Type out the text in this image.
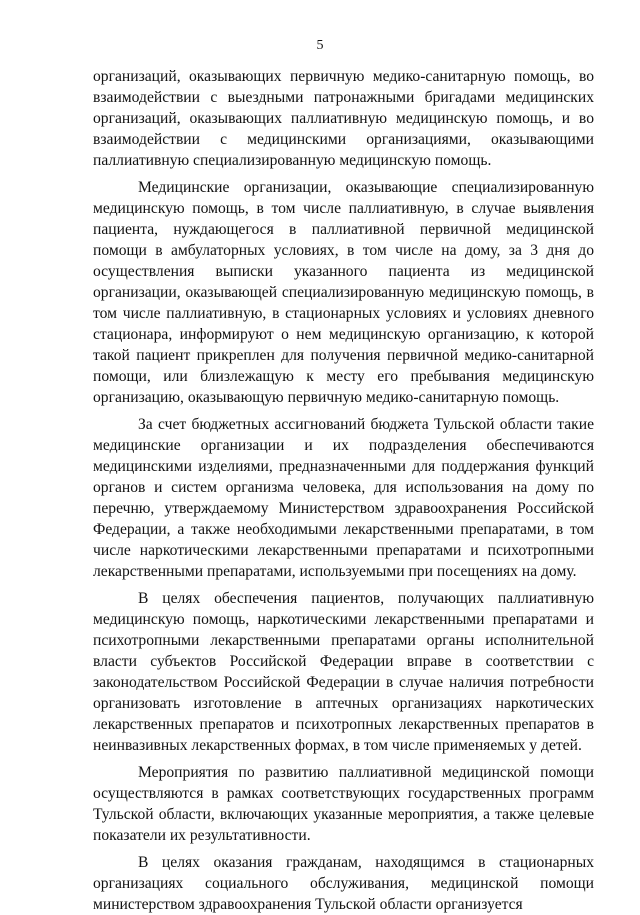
5

организаций, оказывающих первичную медико-санитарную помощь, во взаимодействии с выездными патронажными бригадами медицинских организаций, оказывающих паллиативную медицинскую помощь, и во взаимодействии с медицинскими организациями, оказывающими паллиативную специализированную медицинскую помощь.

Медицинские организации, оказывающие специализированную медицинскую помощь, в том числе паллиативную, в случае выявления пациента, нуждающегося в паллиативной первичной медицинской помощи в амбулаторных условиях, в том числе на дому, за 3 дня до осуществления выписки указанного пациента из медицинской организации, оказывающей специализированную медицинскую помощь, в том числе паллиативную, в стационарных условиях и условиях дневного стационара, информируют о нем медицинскую организацию, к которой такой пациент прикреплен для получения первичной медико-санитарной помощи, или близлежащую к месту его пребывания медицинскую организацию, оказывающую первичную медико-санитарную помощь.

За счет бюджетных ассигнований бюджета Тульской области такие медицинские организации и их подразделения обеспечиваются медицинскими изделиями, предназначенными для поддержания функций органов и систем организма человека, для использования на дому по перечню, утверждаемому Министерством здравоохранения Российской Федерации, а также необходимыми лекарственными препаратами, в том числе наркотическими лекарственными препаратами и психотропными лекарственными препаратами, используемыми при посещениях на дому.

В целях обеспечения пациентов, получающих паллиативную медицинскую помощь, наркотическими лекарственными препаратами и психотропными лекарственными препаратами органы исполнительной власти субъектов Российской Федерации вправе в соответствии с законодательством Российской Федерации в случае наличия потребности организовать изготовление в аптечных организациях наркотических лекарственных препаратов и психотропных лекарственных препаратов в неинвазивных лекарственных формах, в том числе применяемых у детей.

Мероприятия по развитию паллиативной медицинской помощи осуществляются в рамках соответствующих государственных программ Тульской области, включающих указанные мероприятия, а также целевые показатели их результативности.

В целях оказания гражданам, находящимся в стационарных организациях социального обслуживания, медицинской помощи министерством здравоохранения Тульской области организуется
